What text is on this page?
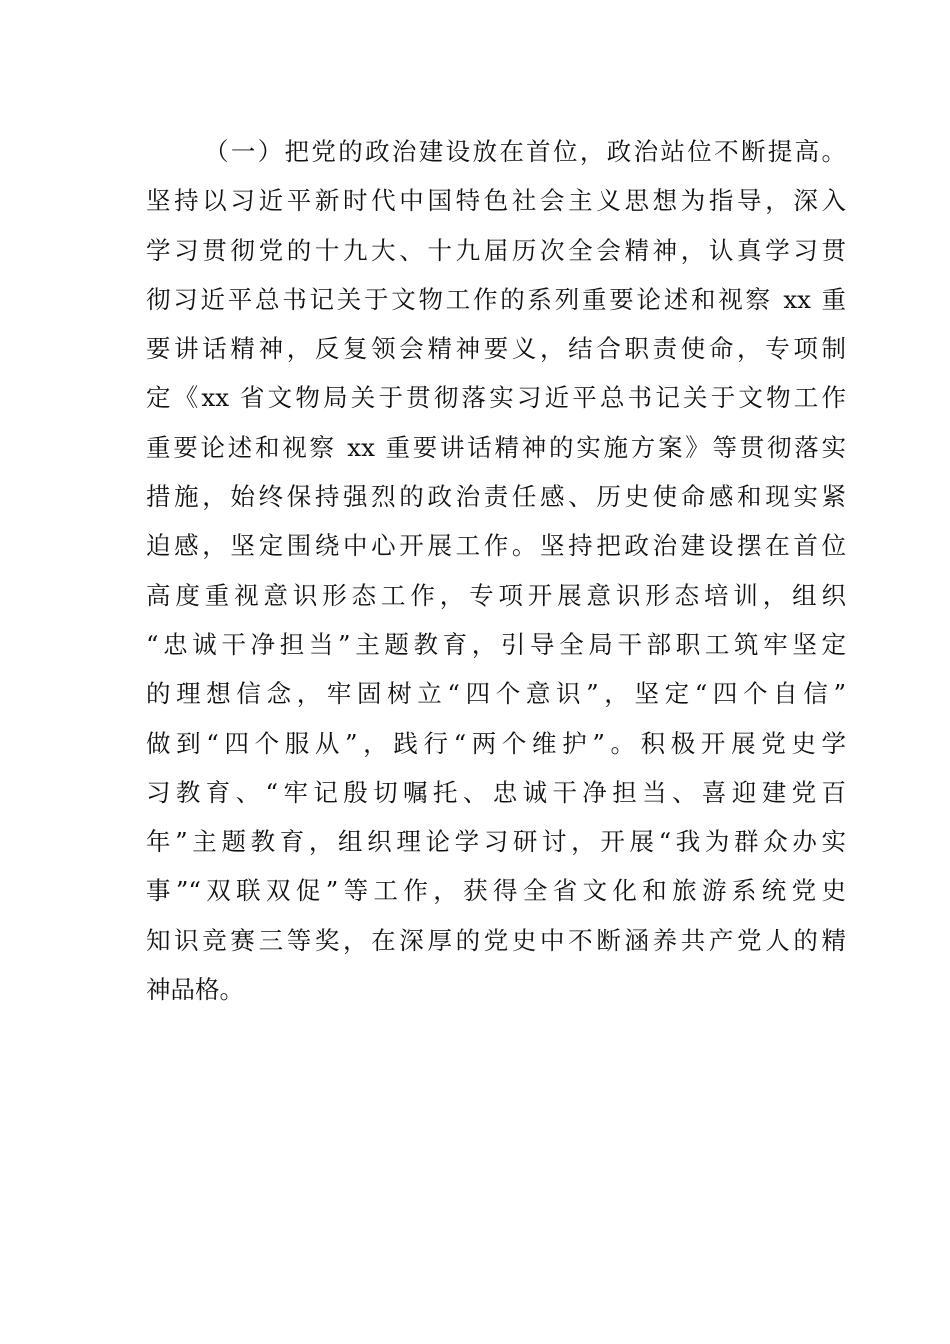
（一）把党的政治建设放在首位，政治站位不断提高。
坚持以习近平新时代中国特色社会主义思想为指导，深入
学习贯彻党的十九大、十九届历次全会精神，认真学习贯
彻习近平总书记关于文物工作的系列重要论述和视察 xx 重
要讲话精神，反复领会精神要义，结合职责使命，专项制
定《xx 省文物局关于贯彻落实习近平总书记关于文物工作
重要论述和视察 xx 重要讲话精神的实施方案》等贯彻落实
措施，始终保持强烈的政治责任感、历史使命感和现实紧
迫感，坚定围绕中心开展工作。坚持把政治建设摆在首位
高度重视意识形态工作，专项开展意识形态培训，组织
“忠诚干净担当”主题教育，引导全局干部职工筑牢坚定
的理想信念，牢固树立“四个意识”，坚定“四个自信”
做到“四个服从”，践行“两个维护”。积极开展党史学
习教育、“牢记殷切嘱托、忠诚干净担当、喜迎建党百
年”主题教育，组织理论学习研讨，开展“我为群众办实
事”“双联双促”等工作，获得全省文化和旅游系统党史
知识竞赛三等奖，在深厚的党史中不断涵养共产党人的精
神品格。
